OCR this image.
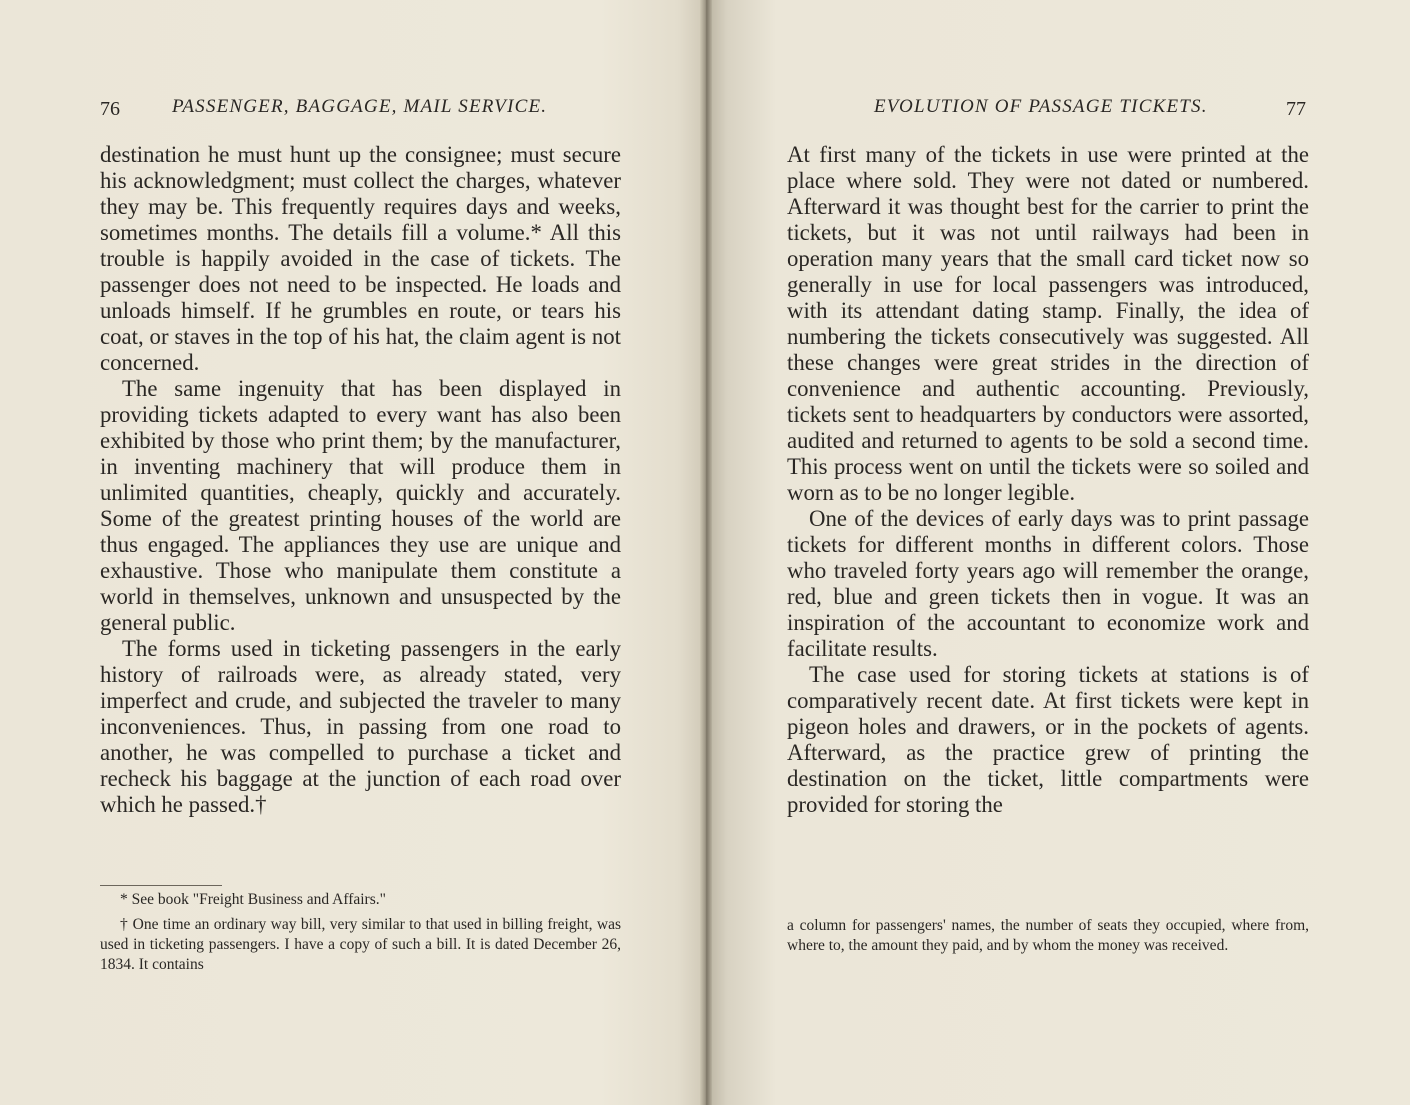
76	PASSENGER, BAGGAGE, MAIL SERVICE.

destination he must hunt up the consignee; must secure his acknowledgment; must collect the charges, whatever they may be. This frequently requires days and weeks, sometimes months. The details fill a volume.* All this trouble is happily avoided in the case of tickets. The passenger does not need to be inspected. He loads and unloads himself. If he grumbles en route, or tears his coat, or staves in the top of his hat, the claim agent is not concerned.

The same ingenuity that has been displayed in providing tickets adapted to every want has also been exhibited by those who print them; by the manufacturer, in inventing machinery that will produce them in unlimited quantities, cheaply, quickly and accurately. Some of the greatest printing houses of the world are thus engaged. The appliances they use are unique and exhaustive. Those who manipulate them constitute a world in themselves, unknown and unsuspected by the general public.

The forms used in ticketing passengers in the early history of railroads were, as already stated, very imperfect and crude, and subjected the traveler to many inconveniences. Thus, in passing from one road to another, he was compelled to purchase a ticket and recheck his baggage at the junction of each road over which he passed.†

* See book "Freight Business and Affairs."

† One time an ordinary way bill, very similar to that used in billing freight, was used in ticketing passengers. I have a copy of such a bill. It is dated December 26, 1834. It contains

EVOLUTION OF PASSAGE TICKETS.	77

At first many of the tickets in use were printed at the place where sold. They were not dated or numbered. Afterward it was thought best for the carrier to print the tickets, but it was not until railways had been in operation many years that the small card ticket now so generally in use for local passengers was introduced, with its attendant dating stamp. Finally, the idea of numbering the tickets consecutively was suggested. All these changes were great strides in the direction of convenience and authentic accounting. Previously, tickets sent to headquarters by conductors were assorted, audited and returned to agents to be sold a second time. This process went on until the tickets were so soiled and worn as to be no longer legible.

One of the devices of early days was to print passage tickets for different months in different colors. Those who traveled forty years ago will remember the orange, red, blue and green tickets then in vogue. It was an inspiration of the accountant to economize work and facilitate results.

The case used for storing tickets at stations is of comparatively recent date. At first tickets were kept in pigeon holes and drawers, or in the pockets of agents. Afterward, as the practice grew of printing the destination on the ticket, little compartments were provided for storing the

a column for passengers' names, the number of seats they occupied, where from, where to, the amount they paid, and by whom the money was received.
